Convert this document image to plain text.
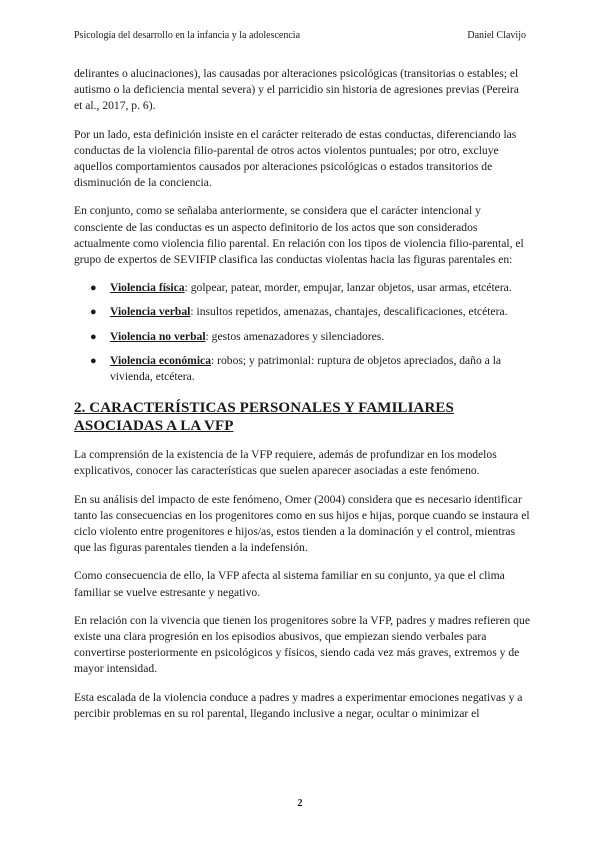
Psicología del desarrollo en la infancia y la adolescencia	Daniel Clavijo

delirantes o alucinaciones), las causadas por alteraciones psicológicas (transitorias o estables; el autismo o la deficiencia mental severa) y el parricidio sin historia de agresiones previas (Pereira et al., 2017, p. 6).

Por un lado, esta definición insiste en el carácter reiterado de estas conductas, diferenciando las conductas de la violencia filio-parental de otros actos violentos puntuales; por otro, excluye aquellos comportamientos causados por alteraciones psicológicas o estados transitorios de disminución de la conciencia.

En conjunto, como se señalaba anteriormente, se considera que el carácter intencional y consciente de las conductas es un aspecto definitorio de los actos que son considerados actualmente como violencia filio parental. En relación con los tipos de violencia filio-parental, el grupo de expertos de SEVIFIP clasifica las conductas violentas hacia las figuras parentales en:

● Violencia física: golpear, patear, morder, empujar, lanzar objetos, usar armas, etcétera.
● Violencia verbal: insultos repetidos, amenazas, chantajes, descalificaciones, etcétera.
● Violencia no verbal: gestos amenazadores y silenciadores.
● Violencia económica: robos; y patrimonial: ruptura de objetos apreciados, daño a la vivienda, etcétera.
2. CARACTERÍSTICAS PERSONALES Y FAMILIARES ASOCIADAS A LA VFP

La comprensión de la existencia de la VFP requiere, además de profundizar en los modelos explicativos, conocer las características que suelen aparecer asociadas a este fenómeno.

En su análisis del impacto de este fenómeno, Omer (2004) considera que es necesario identificar tanto las consecuencias en los progenitores como en sus hijos e hijas, porque cuando se instaura el ciclo violento entre progenitores e hijos/as, estos tienden a la dominación y el control, mientras que las figuras parentales tienden a la indefensión.

Como consecuencia de ello, la VFP afecta al sistema familiar en su conjunto, ya que el clima familiar se vuelve estresante y negativo.

En relación con la vivencia que tienen los progenitores sobre la VFP, padres y madres refieren que existe una clara progresión en los episodios abusivos, que empiezan siendo verbales para convertirse posteriormente en psicológicos y físicos, siendo cada vez más graves, extremos y de mayor intensidad.

Esta escalada de la violencia conduce a padres y madres a experimentar emociones negativas y a percibir problemas en su rol parental, llegando inclusive a negar, ocultar o minimizar el

2
